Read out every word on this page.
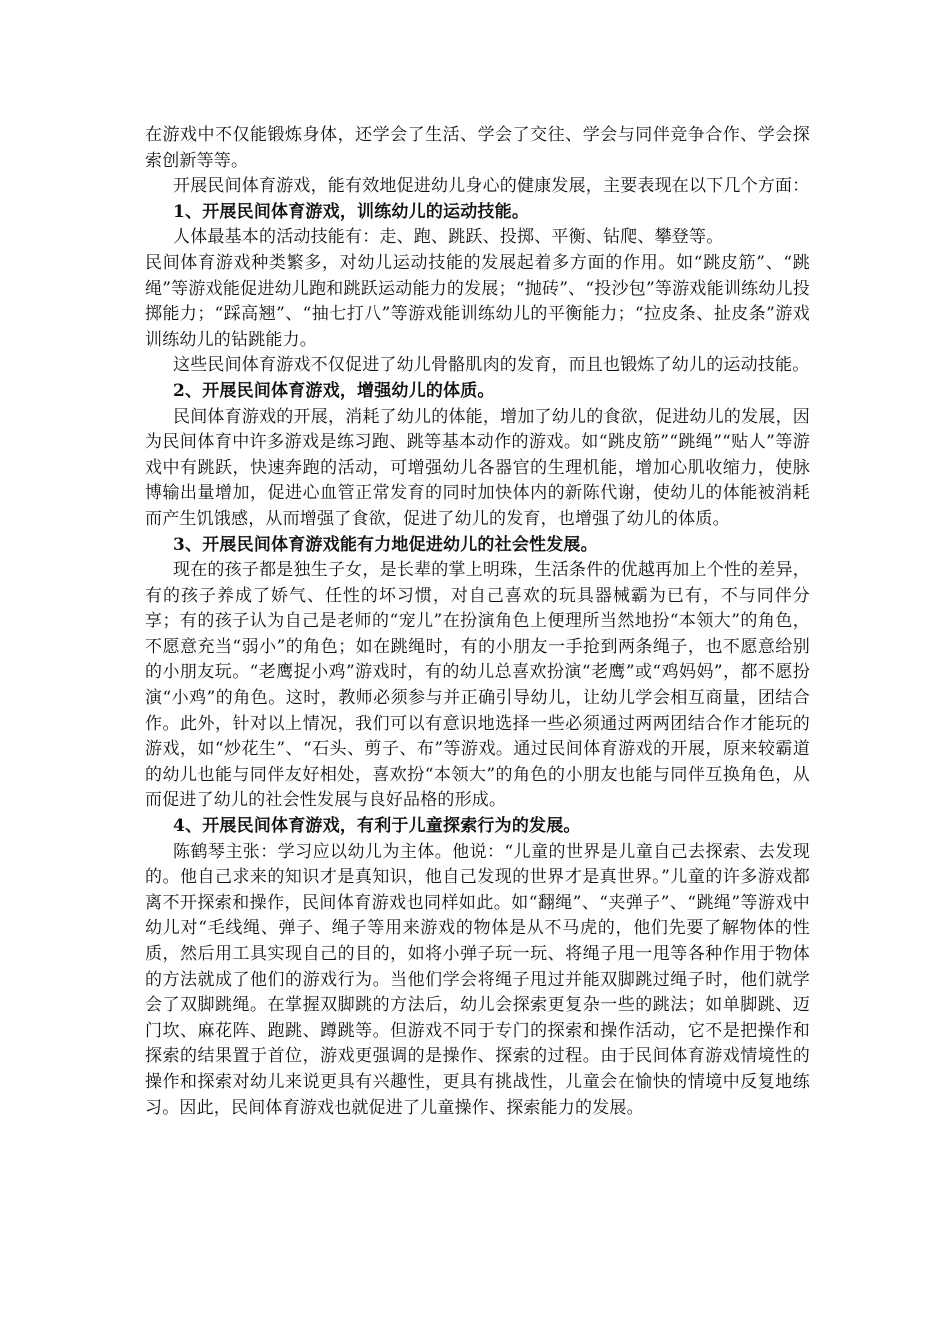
在游戏中不仅能锻炼身体，还学会了生活、学会了交往、学会与同伴竞争合作、学会探索创新等等。

开展民间体育游戏，能有效地促进幼儿身心的健康发展，主要表现在以下几个方面：

1、开展民间体育游戏，训练幼儿的运动技能。

人体最基本的活动技能有：走、跑、跳跃、投掷、平衡、钻爬、攀登等。

民间体育游戏种类繁多，对幼儿运动技能的发展起着多方面的作用。如“跳皮筋”、“跳绳”等游戏能促进幼儿跑和跳跃运动能力的发展；“抛砖”、“投沙包”等游戏能训练幼儿投掷能力；“踩高翘”、“抽七打八”等游戏能训练幼儿的平衡能力；“拉皮条、扯皮条”游戏训练幼儿的钻跳能力。

这些民间体育游戏不仅促进了幼儿骨骼肌肉的发育，而且也锻炼了幼儿的运动技能。

2、开展民间体育游戏，增强幼儿的体质。

民间体育游戏的开展，消耗了幼儿的体能，增加了幼儿的食欲，促进幼儿的发展，因为民间体育中许多游戏是练习跑、跳等基本动作的游戏。如“跳皮筋”“跳绳”“贴人”等游戏中有跳跃，快速奔跑的活动，可增强幼儿各器官的生理机能，增加心肌收缩力，使脉博输出量增加，促进心血管正常发育的同时加快体内的新陈代谢，使幼儿的体能被消耗而产生饥饿感，从而增强了食欲，促进了幼儿的发育，也增强了幼儿的体质。

3、开展民间体育游戏能有力地促进幼儿的社会性发展。

现在的孩子都是独生子女，是长辈的掌上明珠，生活条件的优越再加上个性的差异，有的孩子养成了娇气、任性的坏习惯，对自己喜欢的玩具器械霸为已有，不与同伴分享；有的孩子认为自己是老师的“宠儿”在扮演角色上便理所当然地扮“本领大”的角色，不愿意充当“弱小”的角色；如在跳绳时，有的小朋友一手抢到两条绳子，也不愿意给别的小朋友玩。“老鹰捉小鸡”游戏时，有的幼儿总喜欢扮演“老鹰”或“鸡妈妈”，都不愿扮演“小鸡”的角色。这时，教师必须参与并正确引导幼儿，让幼儿学会相互商量，团结合作。此外，针对以上情况，我们可以有意识地选择一些必须通过两两团结合作才能玩的游戏，如“炒花生”、“石头、剪子、布”等游戏。通过民间体育游戏的开展，原来较霸道的幼儿也能与同伴友好相处，喜欢扮“本领大”的角色的小朋友也能与同伴互换角色，从而促进了幼儿的社会性发展与良好品格的形成。

4、开展民间体育游戏，有利于儿童探索行为的发展。

陈鹤琴主张：学习应以幼儿为主体。他说：“儿童的世界是儿童自己去探索、去发现的。他自己求来的知识才是真知识，他自己发现的世界才是真世界。”儿童的许多游戏都离不开探索和操作，民间体育游戏也同样如此。如“翻绳”、“夹弹子”、“跳绳”等游戏中幼儿对“毛线绳、弹子、绳子等用来游戏的物体是从不马虎的，他们先要了解物体的性质，然后用工具实现自己的目的，如将小弹子玩一玩、将绳子甩一甩等各种作用于物体的方法就成了他们的游戏行为。当他们学会将绳子甩过并能双脚跳过绳子时，他们就学会了双脚跳绳。在掌握双脚跳的方法后，幼儿会探索更复杂一些的跳法；如单脚跳、迈门坎、麻花阵、跑跳、蹲跳等。但游戏不同于专门的探索和操作活动，它不是把操作和探索的结果置于首位，游戏更强调的是操作、探索的过程。由于民间体育游戏情境性的操作和探索对幼儿来说更具有兴趣性，更具有挑战性，儿童会在愉快的情境中反复地练习。因此，民间体育游戏也就促进了儿童操作、探索能力的发展。
